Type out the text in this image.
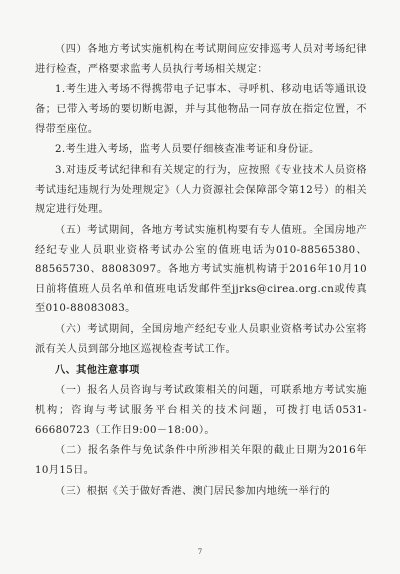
（四）各地方考试实施机构在考试期间应安排巡考人员对考场纪律进行检查，严格要求监考人员执行考场相关规定：

1.考生进入考场不得携带电子记事本、寻呼机、移动电话等通讯设备；已带入考场的要切断电源，并与其他物品一同存放在指定位置，不得带至座位。

2.考生进入考场，监考人员要仔细核查准考证和身份证。

3.对违反考试纪律和有关规定的行为，应按照《专业技术人员资格考试违纪违规行为处理规定》（人力资源社会保障部令第12号）的相关规定进行处理。

（五）考试期间，各地方考试实施机构要有专人值班。全国房地产经纪专业人员职业资格考试办公室的值班电话为010-88565380、88565730、88083097。各地方考试实施机构请于2016年10月10日前将值班人员名单和值班电话发邮件至jjrks@cirea.org.cn或传真至010-88083083。

（六）考试期间，全国房地产经纪专业人员职业资格考试办公室将派有关人员到部分地区巡视检查考试工作。

八、其他注意事项

（一）报名人员咨询与考试政策相关的问题，可联系地方考试实施机构；咨询与考试服务平台相关的技术问题，可拨打电话0531-66680723（工作日9:00－18:00）。

（二）报名条件与免试条件中所涉相关年限的截止日期为2016年10月15日。

（三）根据《关于做好香港、澳门居民参加内地统一举行的

7
